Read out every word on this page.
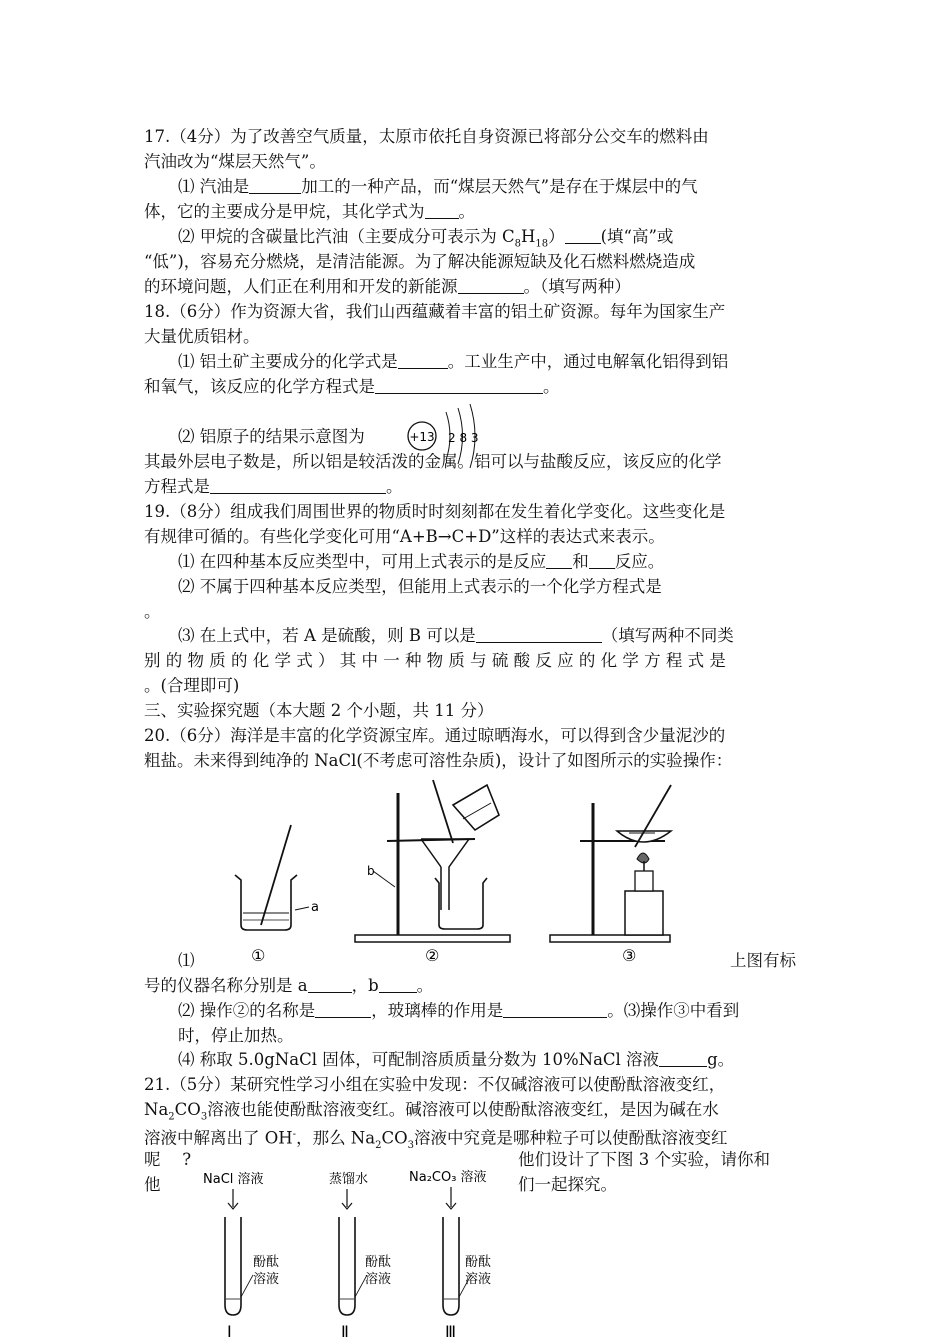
17.（4分）为了改善空气质量，太原市依托自身资源已将部分公交车的燃料由
汽油改为“煤层天然气”。
⑴ 汽油是	加工的一种产品，而“煤层天然气”是存在于煤层中的气
体，它的主要成分是甲烷，其化学式为 。
⑵ 甲烷的含碳量比汽油（主要成分可表示为 $C_8H_{18}$） (填“高”或
“低”)，容易充分燃烧，是清洁能源。为了解决能源短缺及化石燃料燃烧造成
的环境问题，人们正在利用和开发的新能源	。（填写两种）
18.（6分）作为资源大省，我们山西蕴藏着丰富的铝土矿资源。每年为国家生产
大量优质铝材。
⑴ 铝土矿主要成分的化学式是	。工业生产中，通过电解氧化铝得到铝
和氧气，该反应的化学方程式是	。
⑵ 铝原子的结果示意图为	+13 2 8 3
其最外层电子数是，所以铝是较活泼的金属。铝可以与盐酸反应，该反应的化学
方程式是	。
19.（8分）组成我们周围世界的物质时时刻刻都在发生着化学变化。这些变化是
有规律可循的。有些化学变化可用“A+B→C+D”这样的表达式来表示。
⑴ 在四种基本反应类型中，可用上式表示的是反应 和 反应。
⑵ 不属于四种基本反应类型，但能用上式表示的一个化学方程式是
。
⑶ 在上式中，若 A 是硫酸，则 B 可以是	（填写两种不同类
别 的 物 质 的 化 学 式 ） 其 中 一 种 物 质 与 硫 酸 反 应 的 化 学 方 程 式 是
。(合理即可)
三、实验探究题（本大题 2 个小题，共 11 分）
20.（6分）海洋是丰富的化学资源宝库。通过晾晒海水，可以得到含少量泥沙的
粗盐。未来得到纯净的 NaCl(不考虑可溶性杂质)，设计了如图所示的实验操作：
a
①
b
②	③
⑴	上图有标
号的仪器名称分别是 a	，b 。
⑵ 操作②的名称是	，玻璃棒的作用是	。⑶操作③中看到
时，停止加热。
⑷ 称取 5.0gNaCl 固体，可配制溶质质量分数为 10%NaCl 溶液	g。
21.（5分）某研究性学习小组在实验中发现：不仅碱溶液可以使酚酞溶液变红，
$Na_2CO_3$溶液也能使酚酞溶液变红。碱溶液可以使酚酞溶液变红，是因为碱在水
溶液中解离出了 OH-，那么 $Na_2CO_3$溶液中究竟是哪种粒子可以使酚酞溶液变红
呢　 ?	他们设计了下图 3 个实验，请你和
他	们一起探究。
NaCl 溶液
酚酞
溶液
Ⅰ
蒸馏水
酚酞
溶液
Ⅱ
Na₂CO₃ 溶液
酚酞
溶液
Ⅲ
